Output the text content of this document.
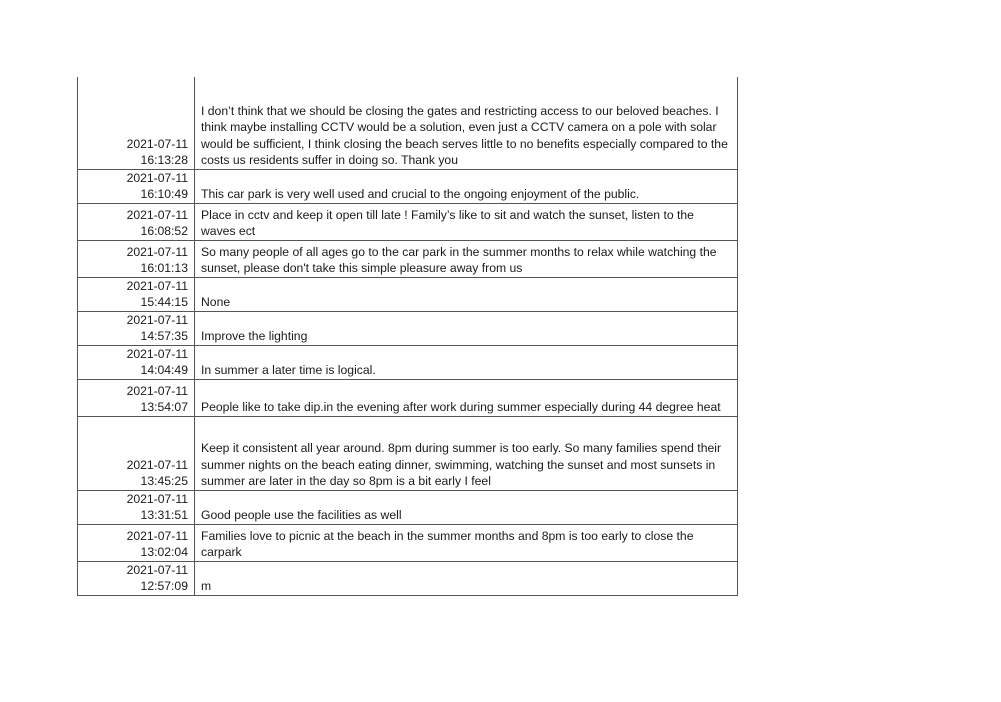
2021-07-11
16:13:28	I don’t think that we should be closing the gates and restricting access to our beloved beaches. I think maybe installing CCTV would be a solution, even just a CCTV camera on a pole with solar would be sufficient, I think closing the beach serves little to no benefits especially compared to the costs us residents suffer in doing so. Thank you

2021-07-11
16:10:49	This car park is very well used and crucial to the ongoing enjoyment of the public.

2021-07-11
16:08:52	Place in cctv and keep it open till late ! Family’s like to sit and watch the sunset, listen to the waves ect

2021-07-11
16:01:13	So many people of all ages go to the car park in the summer months to relax while watching the sunset, please don't take this simple pleasure away from us

2021-07-11
15:44:15	None

2021-07-11
14:57:35	Improve the lighting

2021-07-11
14:04:49	In summer a later time is logical.

2021-07-11
13:54:07	People like to take dip.in the evening after work during summer especially during 44 degree heat

2021-07-11
13:45:25	Keep it consistent all year around. 8pm during summer is too early. So many families spend their summer nights on the beach eating dinner, swimming, watching the sunset and most sunsets in summer are later in the day so 8pm is a bit early I feel

2021-07-11
13:31:51	Good people use the facilities as well

2021-07-11
13:02:04	Families love to picnic at the beach in the summer months and 8pm is too early to close the carpark

2021-07-11
12:57:09	m
